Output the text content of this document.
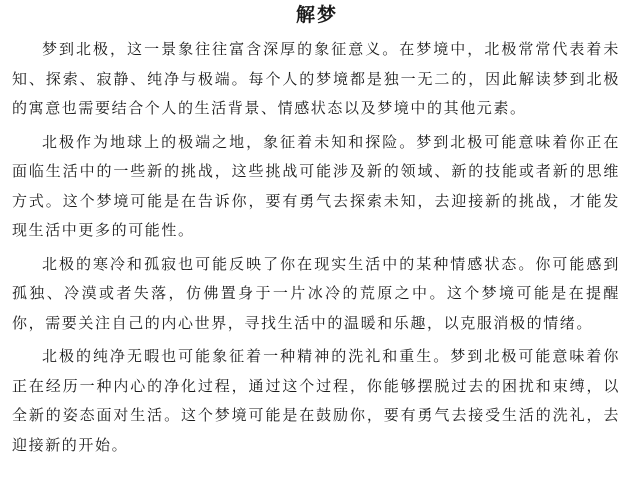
解梦

梦到北极，这一景象往往富含深厚的象征意义。在梦境中，北极常常代表着未知、探索、寂静、纯净与极端。每个人的梦境都是独一无二的，因此解读梦到北极的寓意也需要结合个人的生活背景、情感状态以及梦境中的其他元素。

北极作为地球上的极端之地，象征着未知和探险。梦到北极可能意味着你正在面临生活中的一些新的挑战，这些挑战可能涉及新的领域、新的技能或者新的思维方式。这个梦境可能是在告诉你，要有勇气去探索未知，去迎接新的挑战，才能发现生活中更多的可能性。

北极的寒冷和孤寂也可能反映了你在现实生活中的某种情感状态。你可能感到孤独、冷漠或者失落，仿佛置身于一片冰冷的荒原之中。这个梦境可能是在提醒你，需要关注自己的内心世界，寻找生活中的温暖和乐趣，以克服消极的情绪。

北极的纯净无暇也可能象征着一种精神的洗礼和重生。梦到北极可能意味着你正在经历一种内心的净化过程，通过这个过程，你能够摆脱过去的困扰和束缚，以全新的姿态面对生活。这个梦境可能是在鼓励你，要有勇气去接受生活的洗礼，去迎接新的开始。
